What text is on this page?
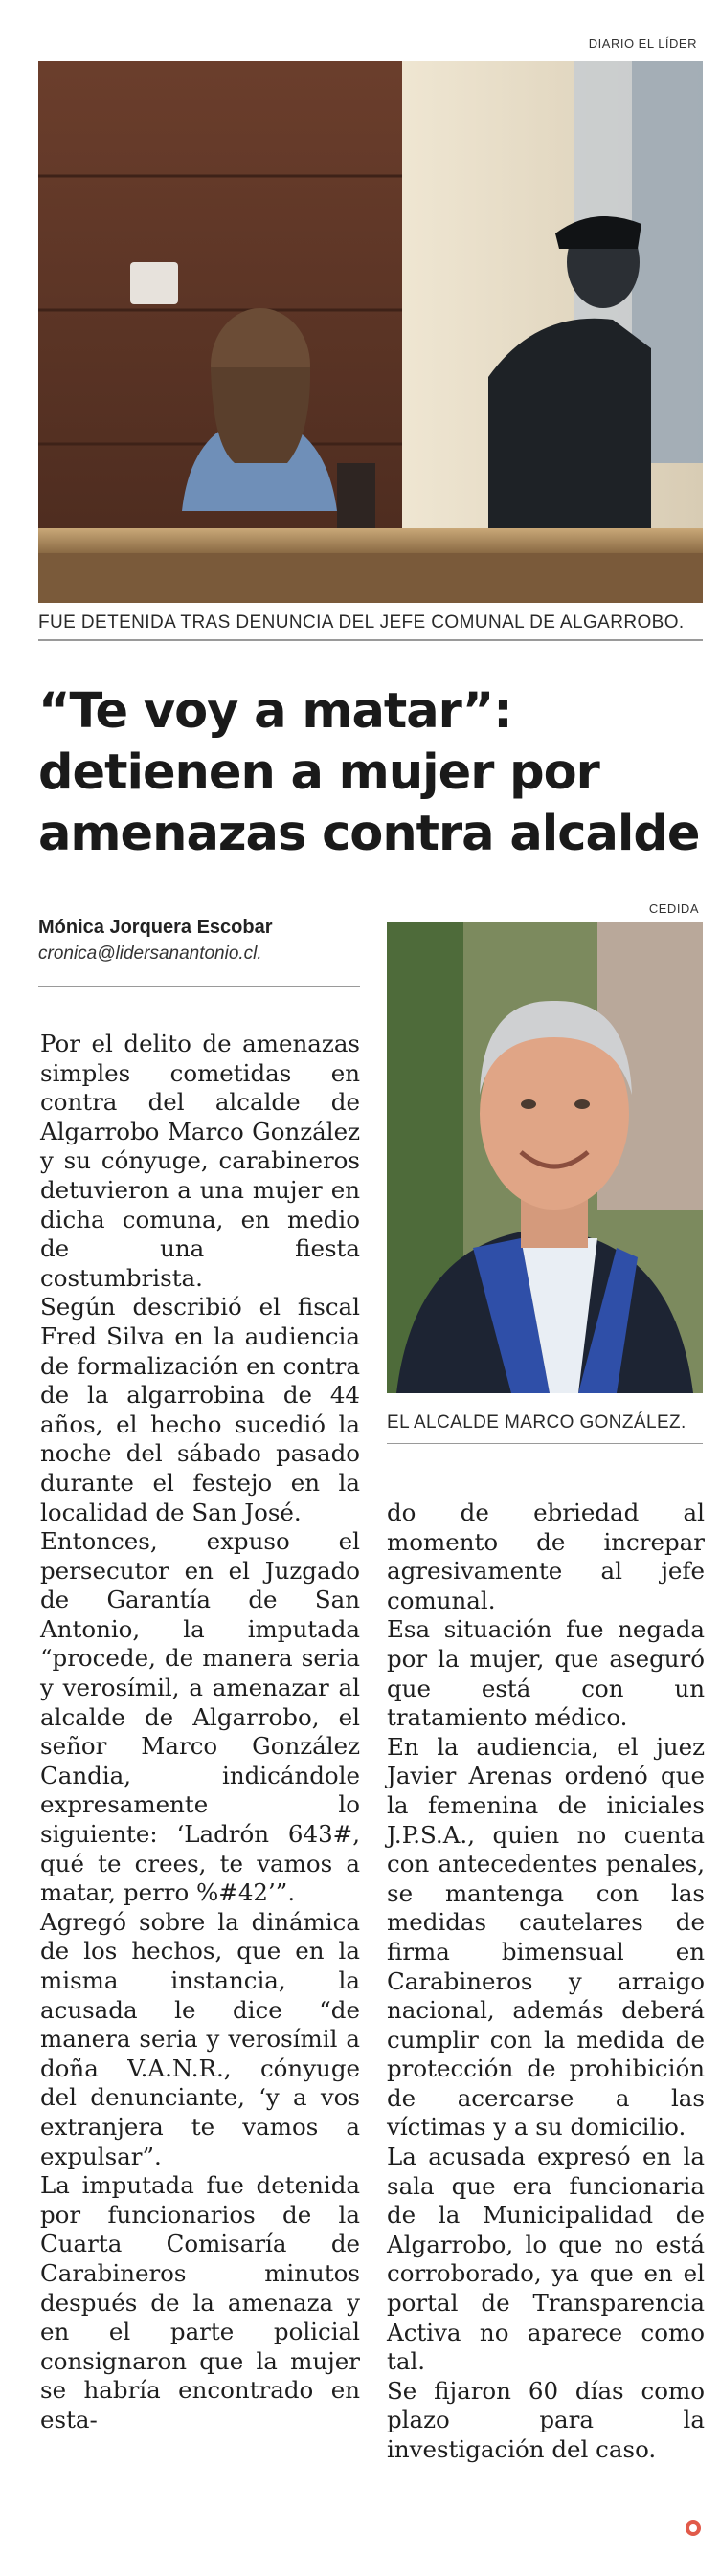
DIARIO EL LÍDER
FUE DETENIDA TRAS DENUNCIA DEL JEFE COMUNAL DE ALGARROBO.
“Te voy a matar”:
detienen a mujer por
amenazas contra alcalde
Mónica Jorquera Escobar
cronica@lidersanantonio.cl.
CEDIDA
EL ALCALDE MARCO GONZÁLEZ.

Por el delito de amenazas simples cometidas en contra del alcalde de Algarrobo Marco González y su cónyuge, carabineros detuvieron a una mujer en dicha comuna, en medio de una fiesta costumbrista.

Según describió el fiscal Fred Silva en la audiencia de formalización en contra de la algarrobina de 44 años, el hecho sucedió la noche del sábado pasado durante el festejo en la localidad de San José.

Entonces, expuso el persecutor en el Juzgado de Garantía de San Antonio, la imputada “procede, de manera seria y verosímil, a amenazar al alcalde de Algarrobo, el señor Marco González Candia, indicándole expresamente lo siguiente: ‘Ladrón 643#, qué te crees, te vamos a matar, perro %#42’”.

Agregó sobre la dinámica de los hechos, que en la misma instancia, la acusada le dice “de manera seria y verosímil a doña V.A.N.R., cónyuge del denunciante, ‘y a vos extranjera te vamos a expulsar”.

La imputada fue detenida por funcionarios de la Cuarta Comisaría de Carabineros minutos después de la amenaza y en el parte policial consignaron que la mujer se habría encontrado en esta-

do de ebriedad al momento de increpar agresivamente al jefe comunal.

Esa situación fue negada por la mujer, que aseguró que está con un tratamiento médico.

En la audiencia, el juez Javier Arenas ordenó que la femenina de iniciales J.P.S.A., quien no cuenta con antecedentes penales, se mantenga con las medidas cautelares de firma bimensual en Carabineros y arraigo nacional, además deberá cumplir con la medida de protección de prohibición de acercarse a las víctimas y a su domicilio.

La acusada expresó en la sala que era funcionaria de la Municipalidad de Algarrobo, lo que no está corroborado, ya que en el portal de Transparencia Activa no aparece como tal.

Se fijaron 60 días como plazo para la investigación del caso.
